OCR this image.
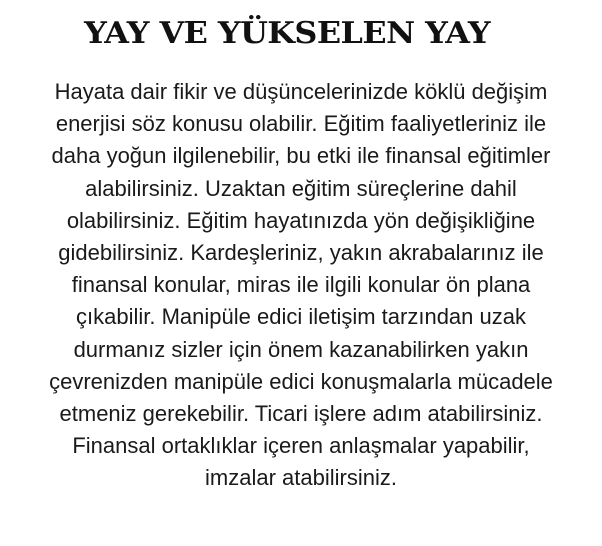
YAY VE YÜKSELEN YAY
Hayata dair fikir ve düşüncelerinizde köklü değişim
enerjisi söz konusu olabilir. Eğitim faaliyetleriniz ile
daha yoğun ilgilenebilir, bu etki ile finansal eğitimler
alabilirsiniz. Uzaktan eğitim süreçlerine dahil
olabilirsiniz. Eğitim hayatınızda yön değişikliğine
gidebilirsiniz. Kardeşleriniz, yakın akrabalarınız ile
finansal konular, miras ile ilgili konular ön plana
çıkabilir. Manipüle edici iletişim tarzından uzak
durmanız sizler için önem kazanabilirken yakın
çevrenizden manipüle edici konuşmalarla mücadele
etmeniz gerekebilir. Ticari işlere adım atabilirsiniz.
Finansal ortaklıklar içeren anlaşmalar yapabilir,
imzalar atabilirsiniz.
